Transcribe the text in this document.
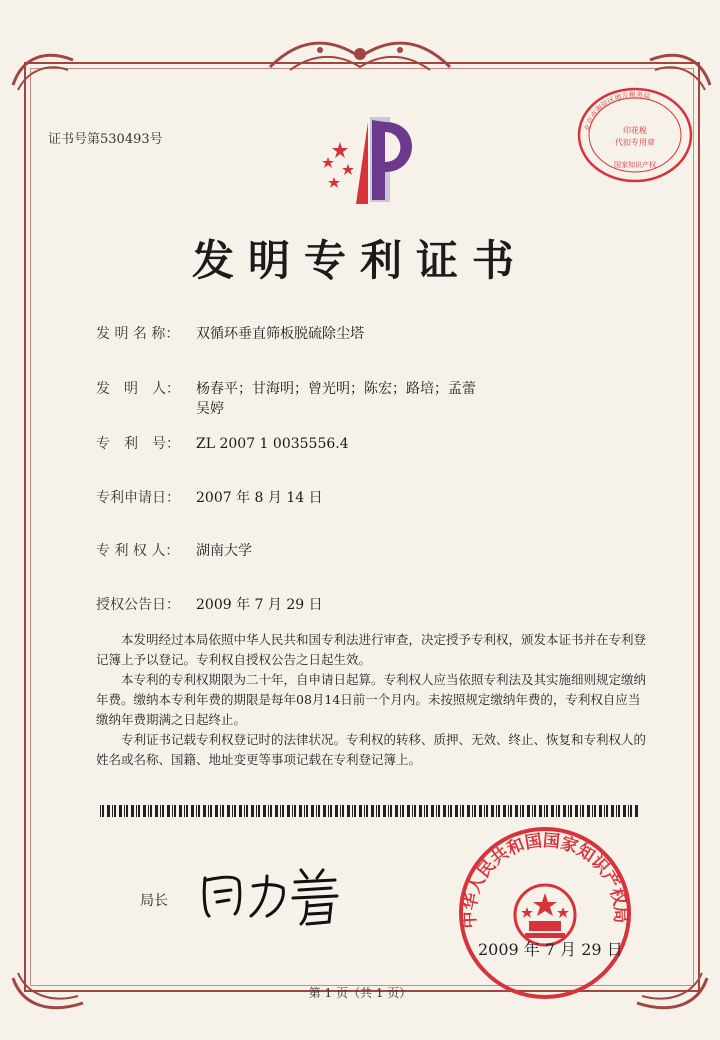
证书号第530493号
发明专利证书
发 明 名 称： 双循环垂直筛板脱硫除尘塔
发　明　人： 杨春平；甘海明；曾光明；陈宏；路培；孟蕾
吴婷
专　利　号： ZL 2007 1 0035556.4
专利申请日： 2007 年 8 月 14 日
专 利 权 人： 湖南大学
授权公告日： 2009 年 7 月 29 日

本发明经过本局依照中华人民共和国专利法进行审查，决定授予专利权，颁发本证书并在专利登记簿上予以登记。专利权自授权公告之日起生效。

本专利的专利权期限为二十年，自申请日起算。专利权人应当依照专利法及其实施细则规定缴纳年费。缴纳本专利年费的期限是每年08月14日前一个月内。未按照规定缴纳年费的，专利权自应当缴纳年费期满之日起终止。

专利证书记载专利权登记时的法律状况。专利权的转移、质押、无效、终止、恢复和专利权人的姓名或名称、国籍、地址变更等事项记载在专利登记簿上。

北京市海淀区地方税务局
印花税
代扣专用章
国家知识产权
局长
中华人民共和国国家知识产权局
2009 年 7 月 29 日
第 1 页（共 1 页）
